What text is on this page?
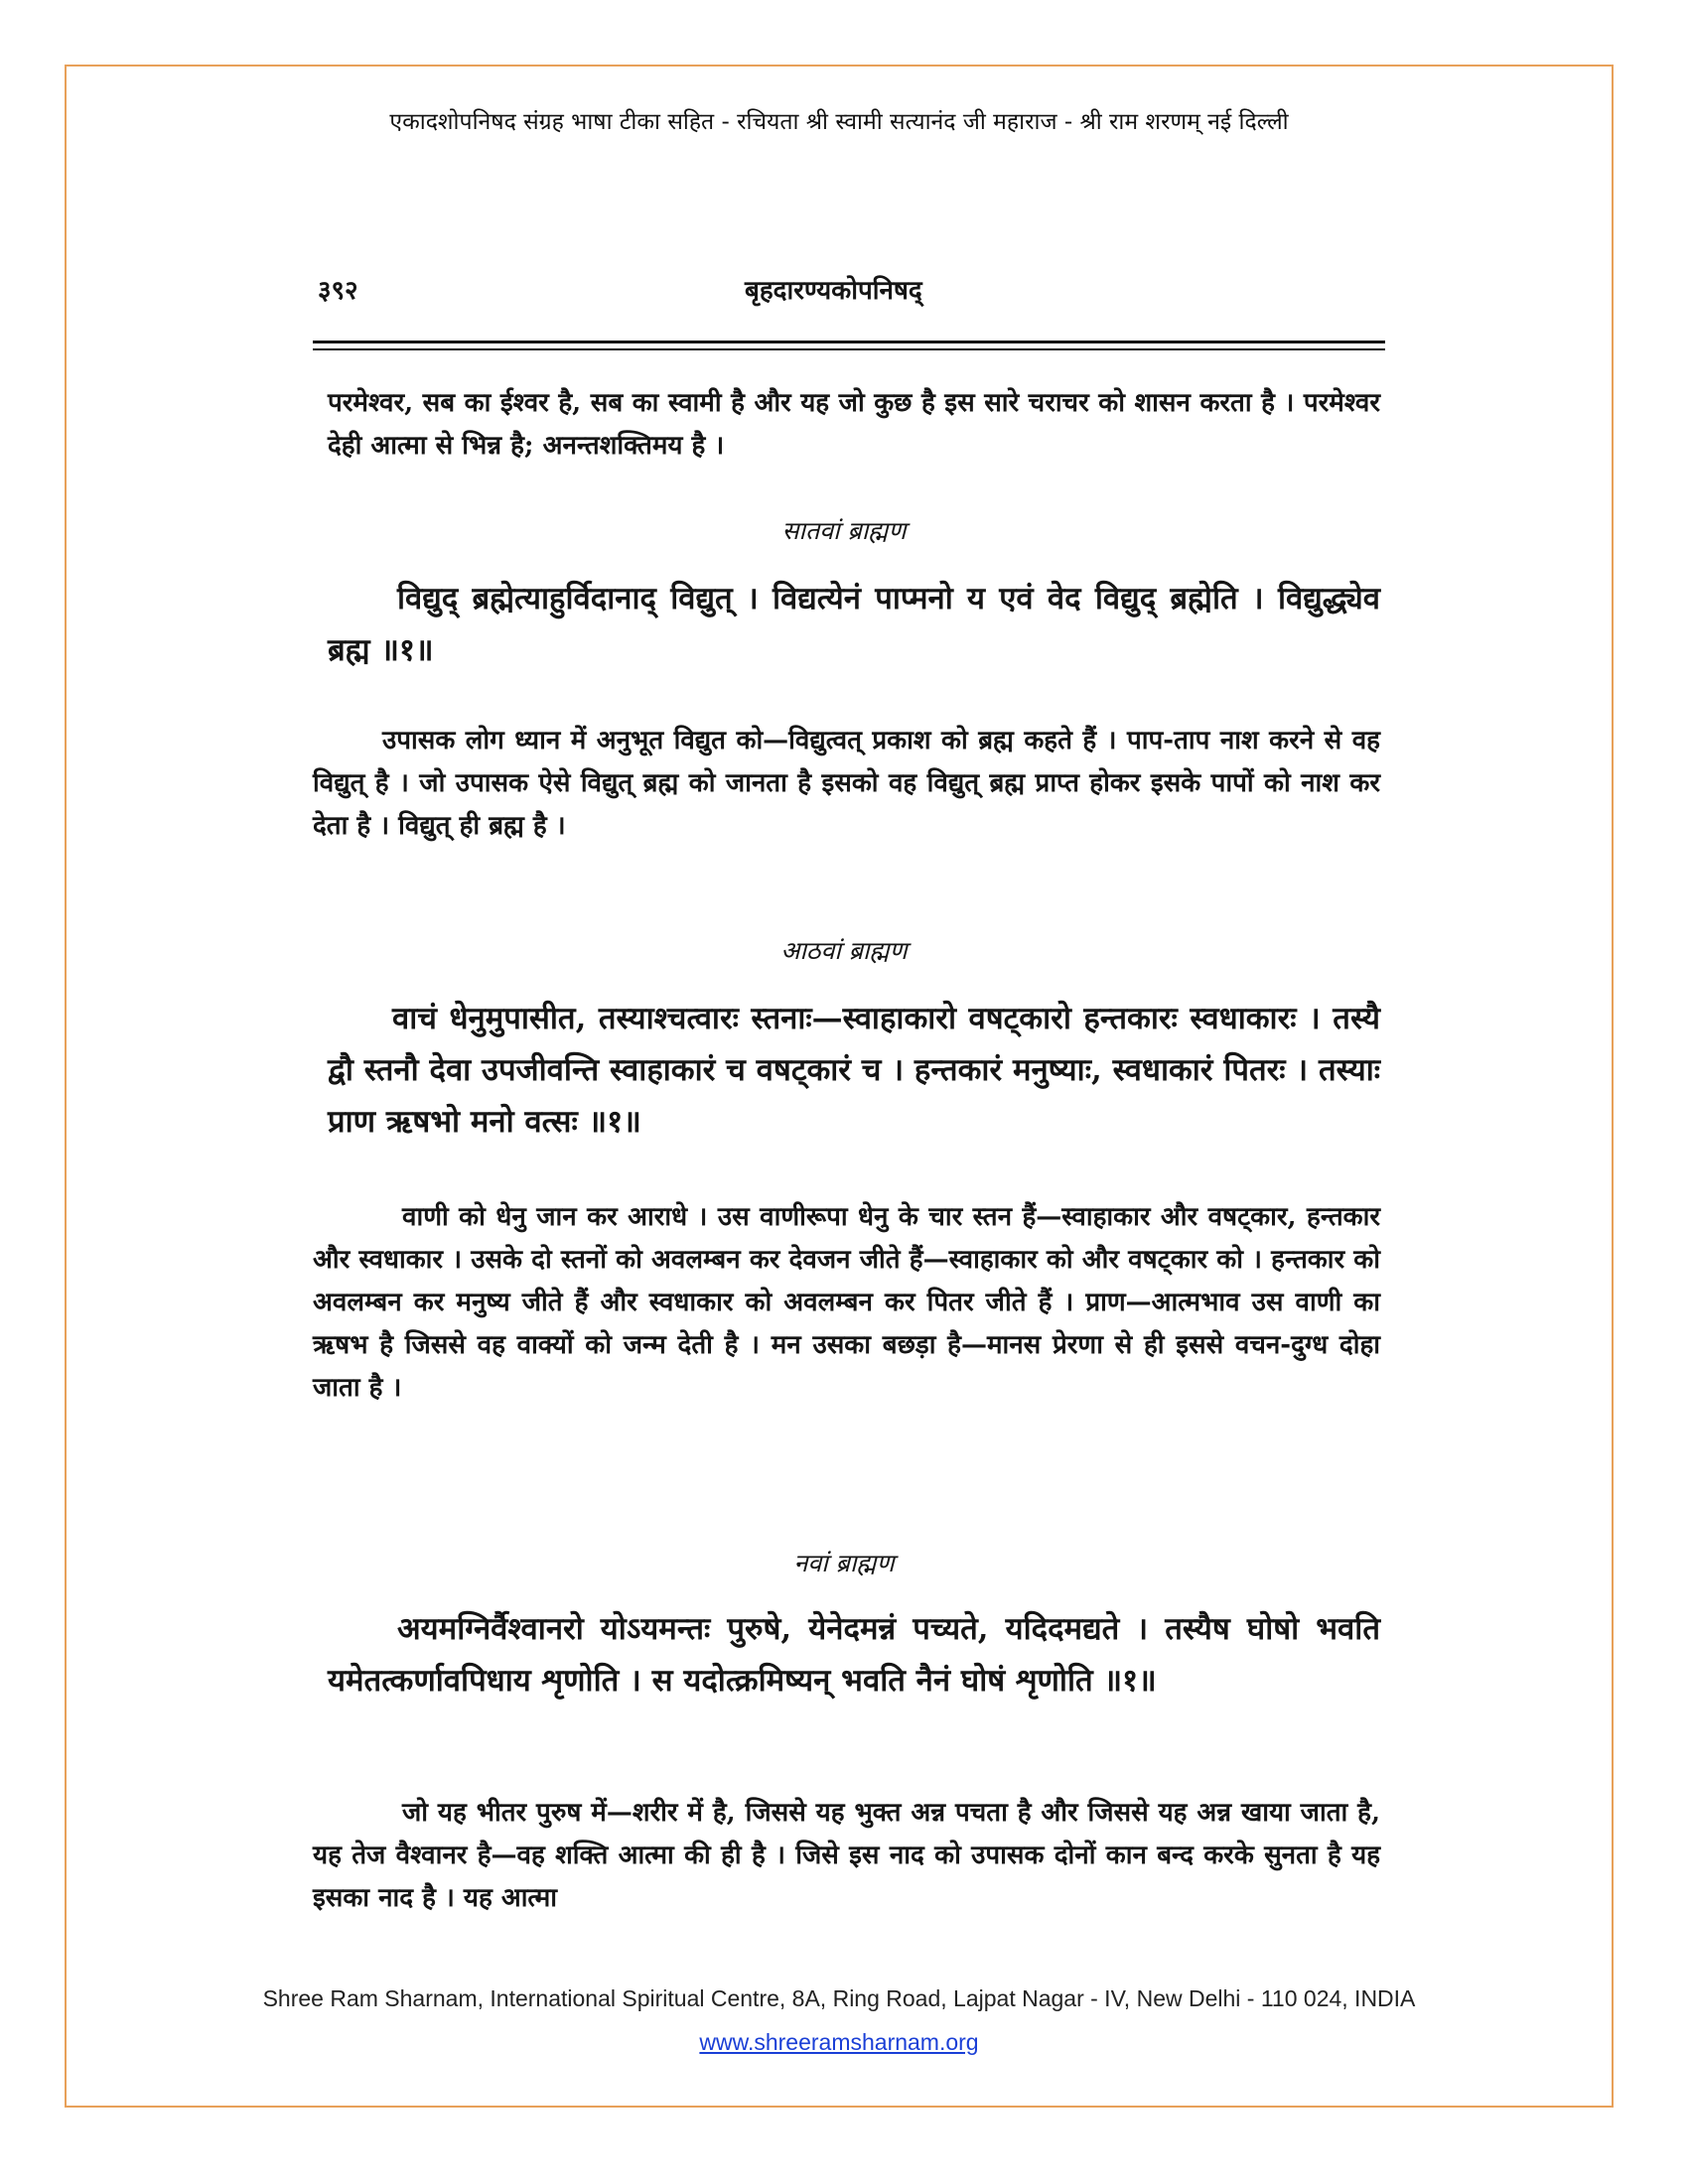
एकादशोपनिषद संग्रह भाषा टीका सहित - रचियता श्री स्वामी सत्यानंद जी महाराज - श्री राम शरणम् नई दिल्ली
३९२	बृहदारण्यकोपनिषद्

परमेश्वर, सब का ईश्वर है, सब का स्वामी है और यह जो कुछ है इस सारे चराचर को शासन करता है । परमेश्वर देही आत्मा से भिन्न है; अनन्तशक्तिमय है ।

सातवां ब्राह्मण

विद्युद् ब्रह्मेत्याहुर्विदानाद् विद्युत् । विद्यत्येनं पाप्मनो य एवं वेद विद्युद् ब्रह्मेति । विद्युद्ध्येव ब्रह्म ॥१॥

उपासक लोग ध्यान में अनुभूत विद्युत को—विद्युत्वत् प्रकाश को ब्रह्म कहते हैं । पाप-ताप नाश करने से वह विद्युत् है । जो उपासक ऐसे विद्युत् ब्रह्म को जानता है इसको वह विद्युत् ब्रह्म प्राप्त होकर इसके पापों को नाश कर देता है । विद्युत् ही ब्रह्म है ।

आठवां ब्राह्मण

वाचं धेनुमुपासीत, तस्याश्चत्वारः स्तनाः—स्वाहाकारो वषट्कारो हन्तकारः स्वधाकारः । तस्यै द्वौ स्तनौ देवा उपजीवन्ति स्वाहाकारं च वषट्कारं च । हन्तकारं मनुष्याः, स्वधाकारं पितरः । तस्याः प्राण ऋषभो मनो वत्सः ॥१॥

वाणी को धेनु जान कर आराधे । उस वाणीरूपा धेनु के चार स्तन हैं—स्वाहाकार और वषट्कार, हन्तकार और स्वधाकार । उसके दो स्तनों को अवलम्बन कर देवजन जीते हैं—स्वाहाकार को और वषट्कार को । हन्तकार को अवलम्बन कर मनुष्य जीते हैं और स्वधाकार को अवलम्बन कर पितर जीते हैं । प्राण—आत्मभाव उस वाणी का ऋषभ है जिससे वह वाक्यों को जन्म देती है । मन उसका बछड़ा है—मानस प्रेरणा से ही इससे वचन-दुग्ध दोहा जाता है ।

नवां ब्राह्मण

अयमग्निर्वैश्वानरो योऽयमन्तः पुरुषे, येनेदमन्नं पच्यते, यदिदमद्यते । तस्यैष घोषो भवति यमेतत्कर्णावपिधाय शृणोति । स यदोत्क्रमिष्यन् भवति नैनं घोषं शृणोति ॥१॥

जो यह भीतर पुरुष में—शरीर में है, जिससे यह भुक्त अन्न पचता है और जिससे यह अन्न खाया जाता है, यह तेज वैश्वानर है—वह शक्ति आत्मा की ही है । जिसे इस नाद को उपासक दोनों कान बन्द करके सुनता है यह इसका नाद है । यह आत्मा

Shree Ram Sharnam, International Spiritual Centre, 8A, Ring Road, Lajpat Nagar - IV, New Delhi - 110 024, INDIA
www.shreeramsharnam.org
